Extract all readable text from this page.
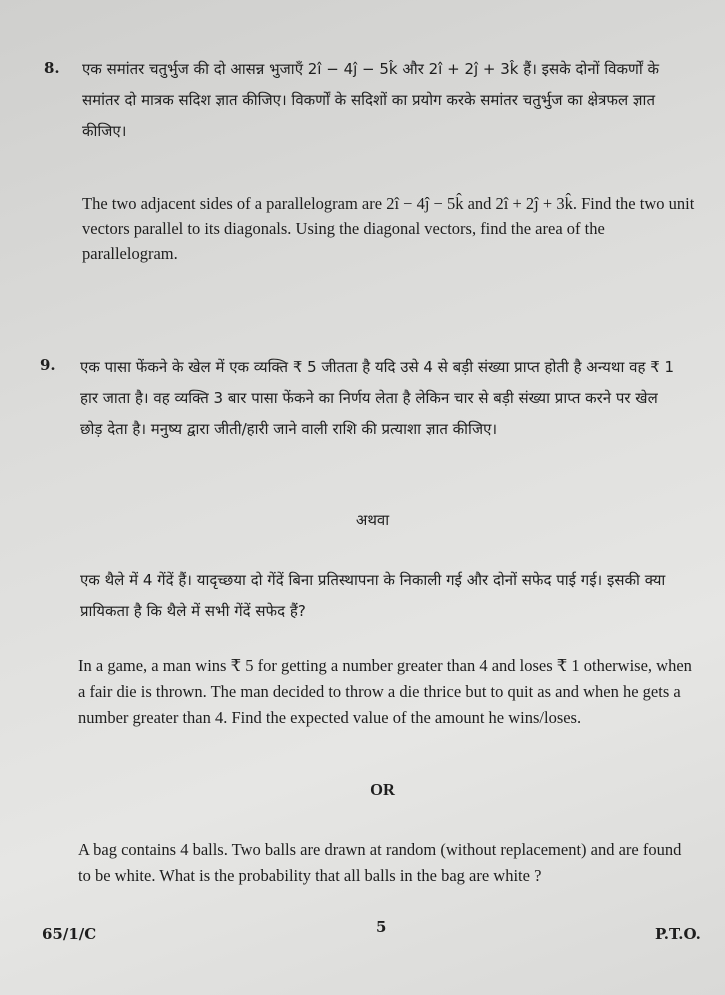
8. एक समांतर चतुर्भुज की दो आसन्न भुजाएँ 2î − 4ĵ − 5k̂ और 2î + 2ĵ + 3k̂ हैं। इसके दोनों विकर्णों के समांतर दो मात्रक सदिश ज्ञात कीजिए। विकर्णों के सदिशों का प्रयोग करके समांतर चतुर्भुज का क्षेत्रफल ज्ञात कीजिए।
The two adjacent sides of a parallelogram are 2î − 4ĵ − 5k̂ and 2î + 2ĵ + 3k̂. Find the two unit vectors parallel to its diagonals. Using the diagonal vectors, find the area of the parallelogram.
9. एक पासा फेंकने के खेल में एक व्यक्ति ₹ 5 जीतता है यदि उसे 4 से बड़ी संख्या प्राप्त होती है अन्यथा वह ₹ 1 हार जाता है। वह व्यक्ति 3 बार पासा फेंकने का निर्णय लेता है लेकिन चार से बड़ी संख्या प्राप्त करने पर खेल छोड़ देता है। मनुष्य द्वारा जीती/हारी जाने वाली राशि की प्रत्याशा ज्ञात कीजिए।
अथवा
एक थैले में 4 गेंदें हैं। यादृच्छया दो गेंदें बिना प्रतिस्थापना के निकाली गई और दोनों सफेद पाई गई। इसकी क्या प्रायिकता है कि थैले में सभी गेंदें सफेद हैं?
In a game, a man wins ₹ 5 for getting a number greater than 4 and loses ₹ 1 otherwise, when a fair die is thrown. The man decided to throw a die thrice but to quit as and when he gets a number greater than 4. Find the expected value of the amount he wins/loses.
OR
A bag contains 4 balls. Two balls are drawn at random (without replacement) and are found to be white. What is the probability that all balls in the bag are white ?
65/1/C	5	P.T.O.
